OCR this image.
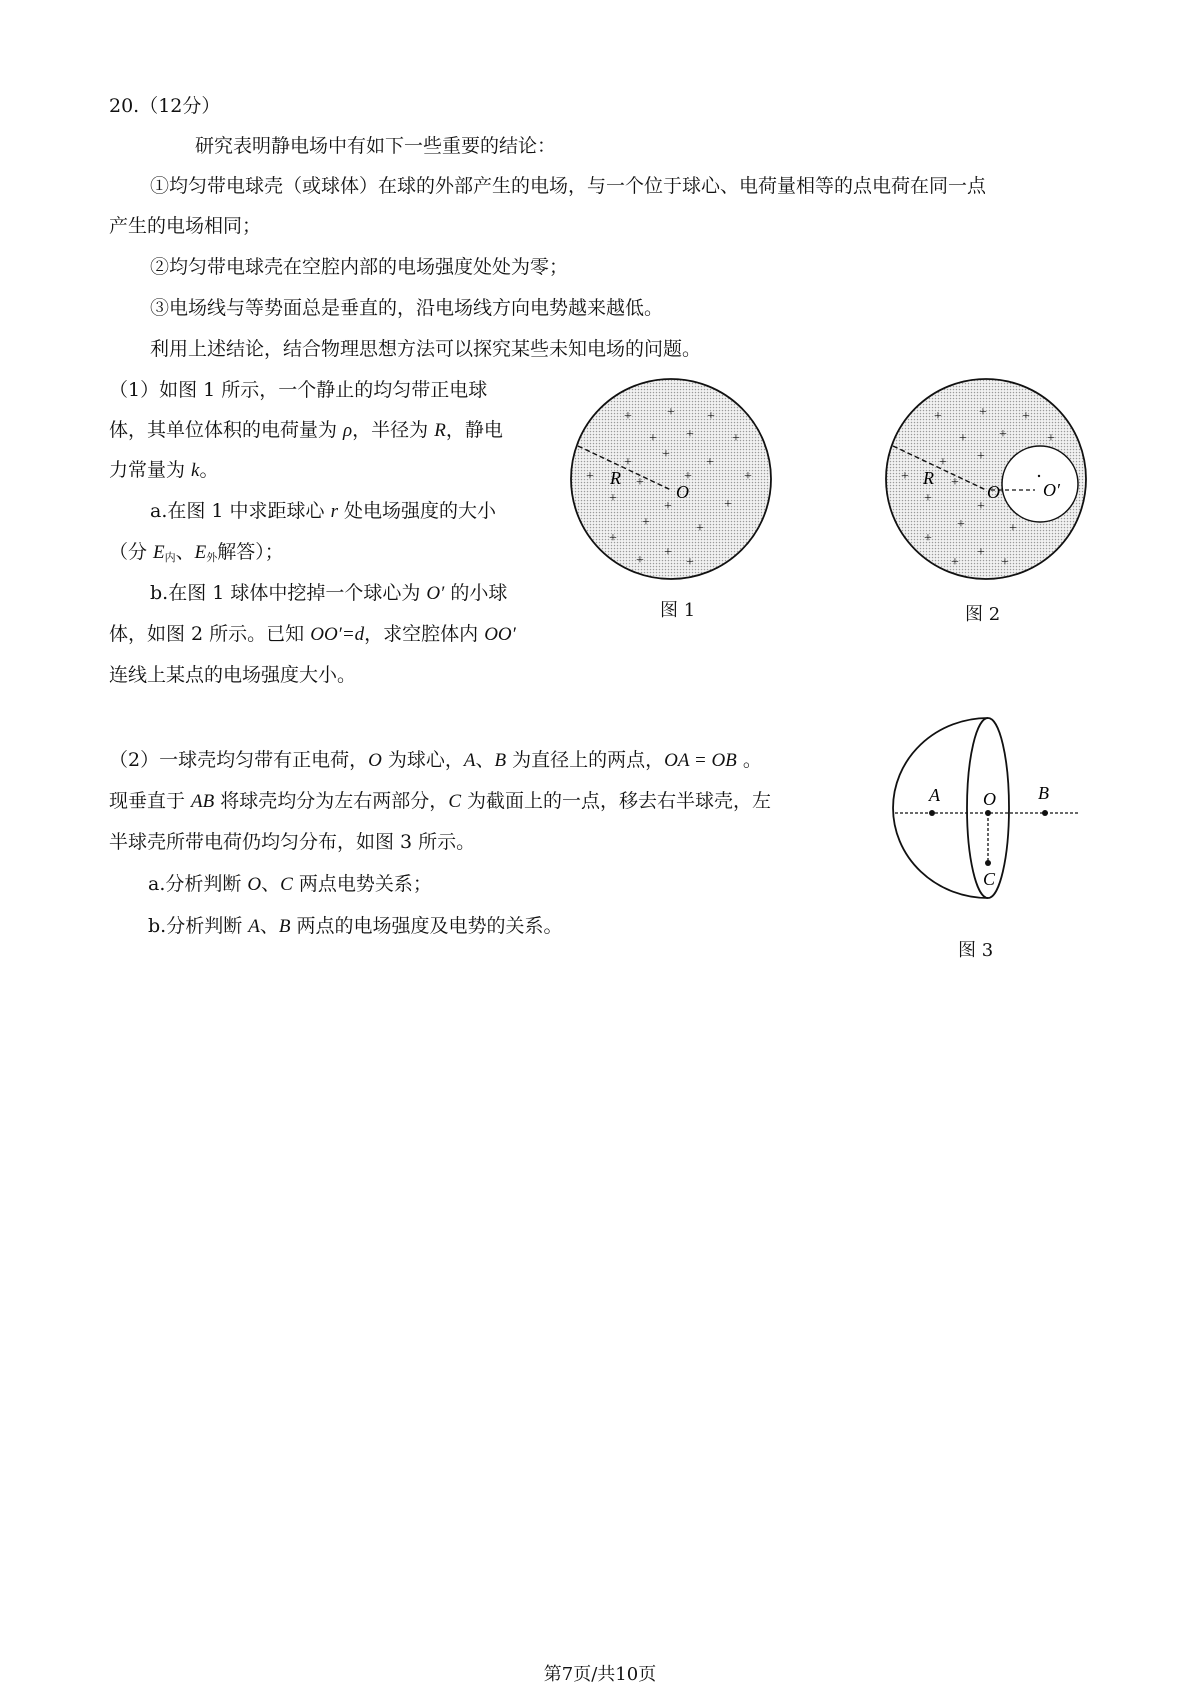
20.（12分）
研究表明静电场中有如下一些重要的结论：
①均匀带电球壳（或球体）在球的外部产生的电场，与一个位于球心、电荷量相等的点电荷在同一点
产生的电场相同；
②均匀带电球壳在空腔内部的电场强度处处为零；
③电场线与等势面总是垂直的，沿电场线方向电势越来越低。
利用上述结论，结合物理思想方法可以探究某些未知电场的问题。
（1）如图 1 所示，一个静止的均匀带正电球
体，其单位体积的电荷量为 ρ，半径为 R，静电
力常量为 k。
a.在图 1 中求距球心 r 处电场强度的大小
（分 $E_内$、$E_外$解答）；
b.在图 1 球体中挖掉一个球心为 O′ 的小球
体，如图 2 所示。已知 OO′=d，求空腔体内 OO′
连线上某点的电场强度大小。
（2）一球壳均匀带有正电荷，O 为球心，A、B 为直径上的两点，OA = OB 。
现垂直于 AB 将球壳均分为左右两部分，C 为截面上的一点，移去右半球壳，左
半球壳所带电荷仍均匀分布，如图 3 所示。
a.分析判断 O、C 两点电势关系；
b.分析判断 A、B 两点的电场强度及电势的关系。
+	+ +
+ +	+
+
+
+
+	+	+	+
+
+	+
+	+
+
+
+	+
R
O
图 1
+	+	+
+ +	+
+ +
+	+
+
+
+	+
+
+
+	+
R
O O′
图 2
A O B
C
图 3
第7页/共10页
